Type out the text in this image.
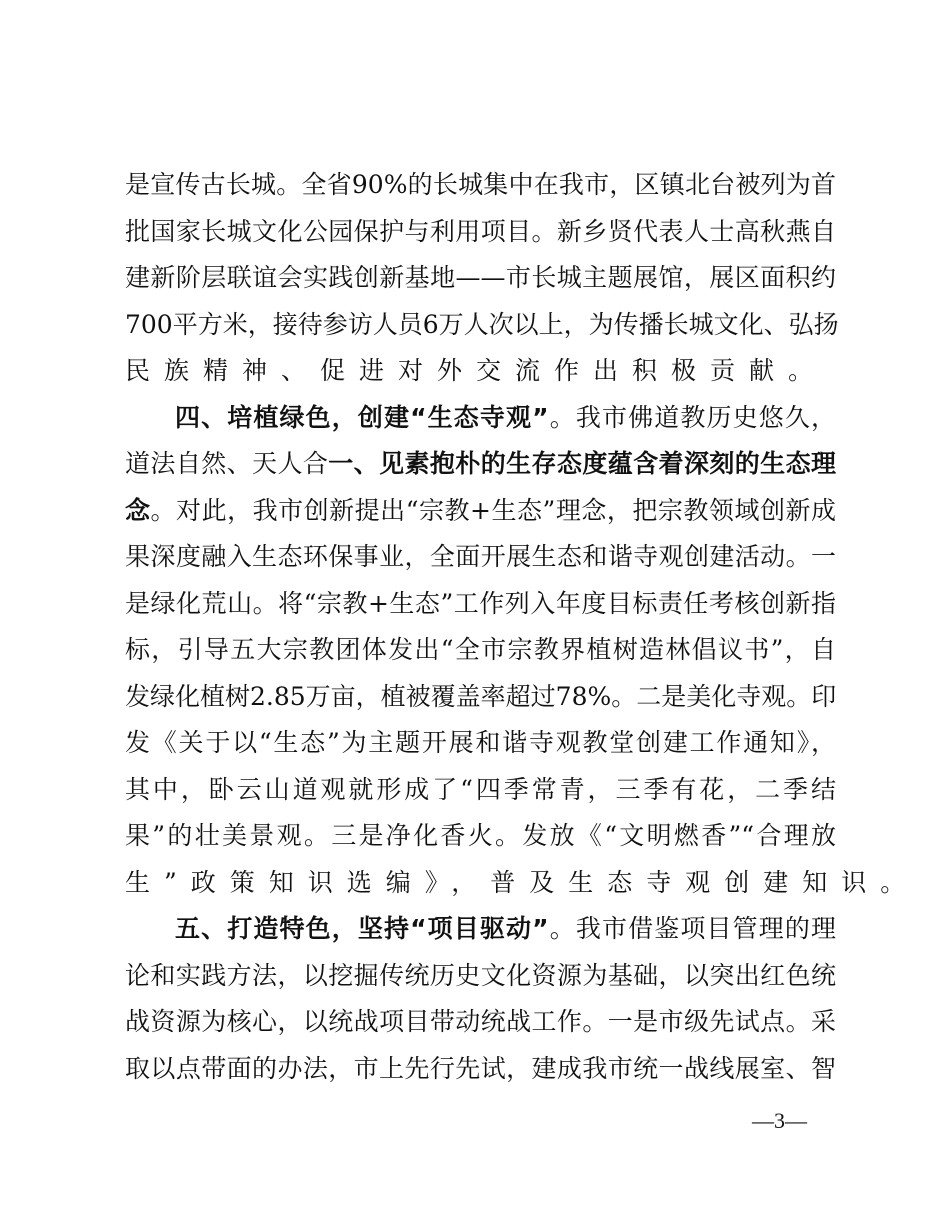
是宣传古长城。全省90%的长城集中在我市，区镇北台被列为首
批国家长城文化公园保护与利用项目。新乡贤代表人士高秋燕自
建新阶层联谊会实践创新基地——市长城主题展馆，展区面积约
700平方米，接待参访人员6万人次以上，为传播长城文化、弘扬
民族精神、促进对外交流作出积极贡献。
四、培植绿色，创建“生态寺观”。我市佛道教历史悠久，
道法自然、天人合一、见素抱朴的生存态度蕴含着深刻的生态理
念。对此，我市创新提出“宗教+生态”理念，把宗教领域创新成
果深度融入生态环保事业，全面开展生态和谐寺观创建活动。一
是绿化荒山。将“宗教+生态”工作列入年度目标责任考核创新指
标，引导五大宗教团体发出“全市宗教界植树造林倡议书”，自
发绿化植树2.85万亩，植被覆盖率超过78%。二是美化寺观。印
发《关于以“生态”为主题开展和谐寺观教堂创建工作通知》，
其中，卧云山道观就形成了“四季常青，三季有花，二季结
果”的壮美景观。三是净化香火。发放《“文明燃香”“合理放
生”政策知识选编》，普及生态寺观创建知识。
五、打造特色，坚持“项目驱动”。我市借鉴项目管理的理
论和实践方法，以挖掘传统历史文化资源为基础，以突出红色统
战资源为核心，以统战项目带动统战工作。一是市级先试点。采
取以点带面的办法，市上先行先试，建成我市统一战线展室、智
—3—
